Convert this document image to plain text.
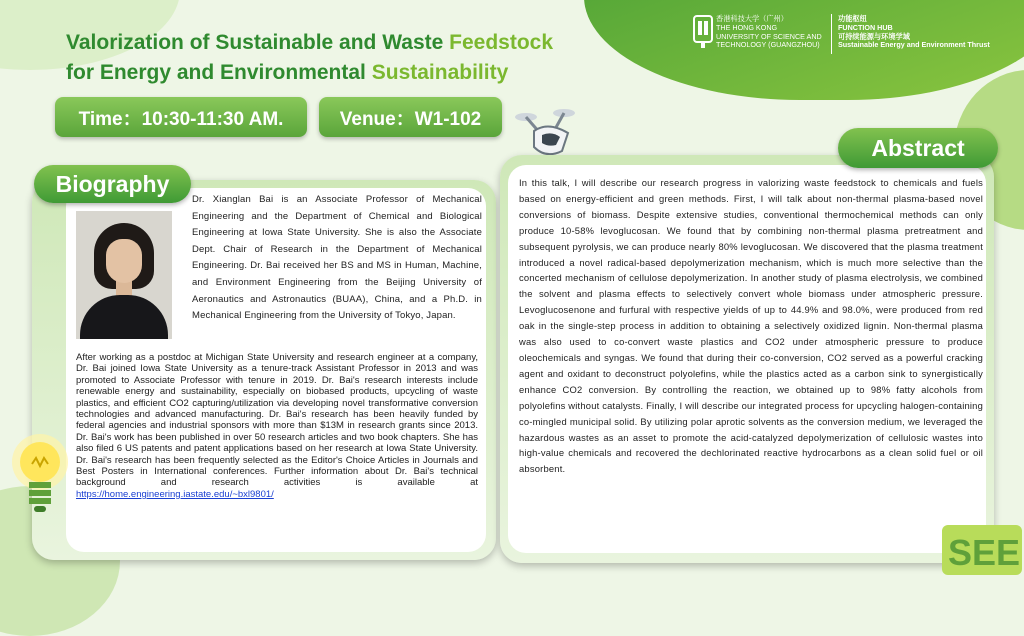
Valorization of Sustainable and Waste Feedstock
for Energy and Environmental Sustainability
香港科技大学（广州）
THE HONG KONG
UNIVERSITY OF SCIENCE AND
TECHNOLOGY (GUANGZHOU)
功能枢纽
FUNCTION HUB
可持续能源与环境学域
Sustainable Energy and Environment Thrust
Time：10:30-11:30 AM.	Venue：W1-102
Biography
Dr. Xianglan Bai is an Associate Professor of Mechanical Engineering and the Department of Chemical and Biological Engineering at Iowa State University. She is also the Associate Dept. Chair of Research in the Department of Mechanical Engineering. Dr. Bai received her BS and MS in Human, Machine, and Environment Engineering from the Beijing University of Aeronautics and Astronautics (BUAA), China, and a Ph.D. in Mechanical Engineering from the University of Tokyo, Japan.
After working as a postdoc at Michigan State University and research engineer at a company, Dr. Bai joined Iowa State University as a tenure-track Assistant Professor in 2013 and was promoted to Associate Professor with tenure in 2019. Dr. Bai's research interests include renewable energy and sustainability, especially on biobased products, upcycling of waste plastics, and efficient CO2 capturing/utilization via developing novel transformative conversion technologies and advanced manufacturing. Dr. Bai's research has been heavily funded by federal agencies and industrial sponsors with more than $13M in research grants since 2013. Dr. Bai's work has been published in over 50 research articles and two book chapters. She has also filed 6 US patents and patent applications based on her research at Iowa State University. Dr. Bai's research has been frequently selected as the Editor's Choice Articles in Journals and Best Posters in International conferences. Further information about Dr. Bai's technical background and research activities is available at https://home.engineering.iastate.edu/~bxl9801/
Abstract
In this talk, I will describe our research progress in valorizing waste feedstock to chemicals and fuels based on energy-efficient and green methods. First, I will talk about non-thermal plasma-based novel conversions of biomass. Despite extensive studies, conventional thermochemical methods can only produce 10-58% levoglucosan. We found that by combining non-thermal plasma pretreatment and subsequent pyrolysis, we can produce nearly 80% levoglucosan. We discovered that the plasma treatment introduced a novel radical-based depolymerization mechanism, which is much more selective than the concerted mechanism of cellulose depolymerization. In another study of plasma electrolysis, we combined the solvent and plasma effects to selectively convert whole biomass under atmospheric pressure. Levoglucosenone and furfural with respective yields of up to 44.9% and 98.0%, were produced from red oak in the single-step process in addition to obtaining a selectively oxidized lignin. Non-thermal plasma was also used to co-convert waste plastics and CO2 under atmospheric pressure to produce oleochemicals and syngas. We found that during their co-conversion, CO2 served as a powerful cracking agent and oxidant to deconstruct polyolefins, while the plastics acted as a carbon sink to synergistically enhance CO2 conversion. By controlling the reaction, we obtained up to 98% fatty alcohols from polyolefins without catalysts. Finally, I will describe our integrated process for upcycling halogen-containing co-mingled municipal solid. By utilizing polar aprotic solvents as the conversion medium, we leveraged the hazardous wastes as an asset to promote the acid-catalyzed depolymerization of cellulosic wastes into high-value chemicals and recovered the dechlorinated reactive hydrocarbons as a clean solid fuel or oil absorbent.
SEE
